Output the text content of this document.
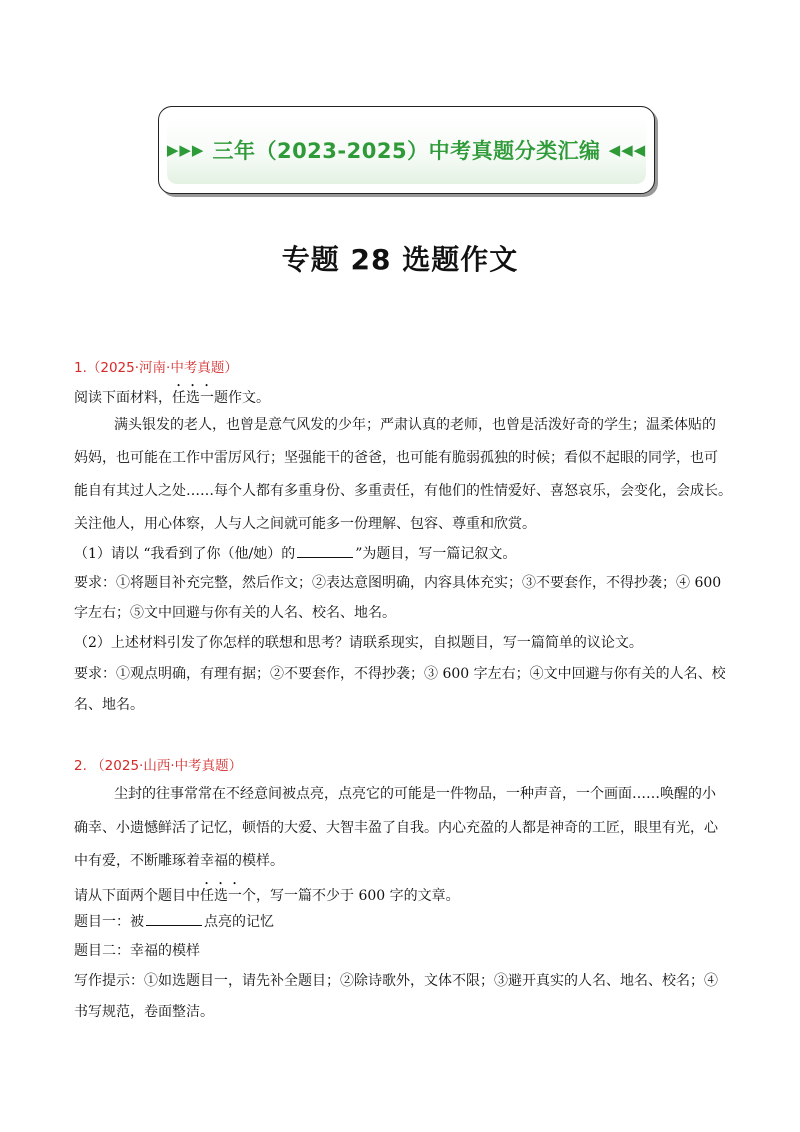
▶▶▶ 三年（2023-2025）中考真题分类汇编 ◀◀◀
专题 28 选题作文
1.（2025·河南·中考真题）
阅读下面材料，任选一题作文。
满头银发的老人，也曾是意气风发的少年；严肃认真的老师，也曾是活泼好奇的学生；温柔体贴的
妈妈，也可能在工作中雷厉风行；坚强能干的爸爸，也可能有脆弱孤独的时候；看似不起眼的同学，也可
能自有其过人之处……每个人都有多重身份、多重责任，有他们的性情爱好、喜怒哀乐，会变化，会成长。
关注他人，用心体察，人与人之间就可能多一份理解、包容、尊重和欣赏。
（1）请以 “我看到了你（他/她）的	”为题目，写一篇记叙文。
要求：①将题目补充完整，然后作文；②表达意图明确，内容具体充实；③不要套作，不得抄袭；④ 600
字左右；⑤文中回避与你有关的人名、校名、地名。
（2）上述材料引发了你怎样的联想和思考？请联系现实，自拟题目，写一篇简单的议论文。
要求：①观点明确，有理有据；②不要套作，不得抄袭；③ 600 字左右；④文中回避与你有关的人名、校
名、地名。
2. （2025·山西·中考真题）
尘封的往事常常在不经意间被点亮，点亮它的可能是一件物品，一种声音，一个画面……唤醒的小
确幸、小遗憾鲜活了记忆，顿悟的大爱、大智丰盈了自我。内心充盈的人都是神奇的工匠，眼里有光，心
中有爱，不断雕琢着幸福的模样。
请从下面两个题目中任选一个，写一篇不少于 600 字的文章。
题目一：被	点亮的记忆
题目二：幸福的模样
写作提示：①如选题目一，请先补全题目；②除诗歌外，文体不限；③避开真实的人名、地名、校名；④
书写规范，卷面整洁。
